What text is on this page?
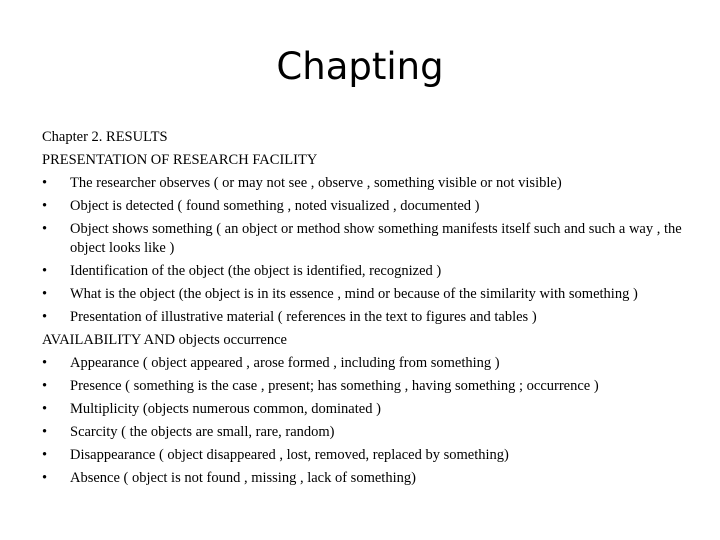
Chapting
Chapter 2. RESULTS
PRESENTATION OF RESEARCH FACILITY
•	The researcher observes ( or may not see , observe , something visible or not visible)
•	Object is detected ( found something , noted visualized , documented )
•	Object shows something ( an object or method show something manifests itself such and such a way , the object looks like )
•	Identification of the object (the object is identified, recognized )
•	What is the object (the object is in its essence , mind or because of the similarity with something )
•	Presentation of illustrative material ( references in the text to figures and tables )
AVAILABILITY AND objects occurrence
•	Appearance ( object appeared , arose formed , including from something )
•	Presence ( something is the case , present; has something , having something ; occurrence )
•	Multiplicity (objects numerous common, dominated )
•	Scarcity ( the objects are small, rare, random)
•	Disappearance ( object disappeared , lost, removed, replaced by something)
•	Absence ( object is not found , missing , lack of something)
